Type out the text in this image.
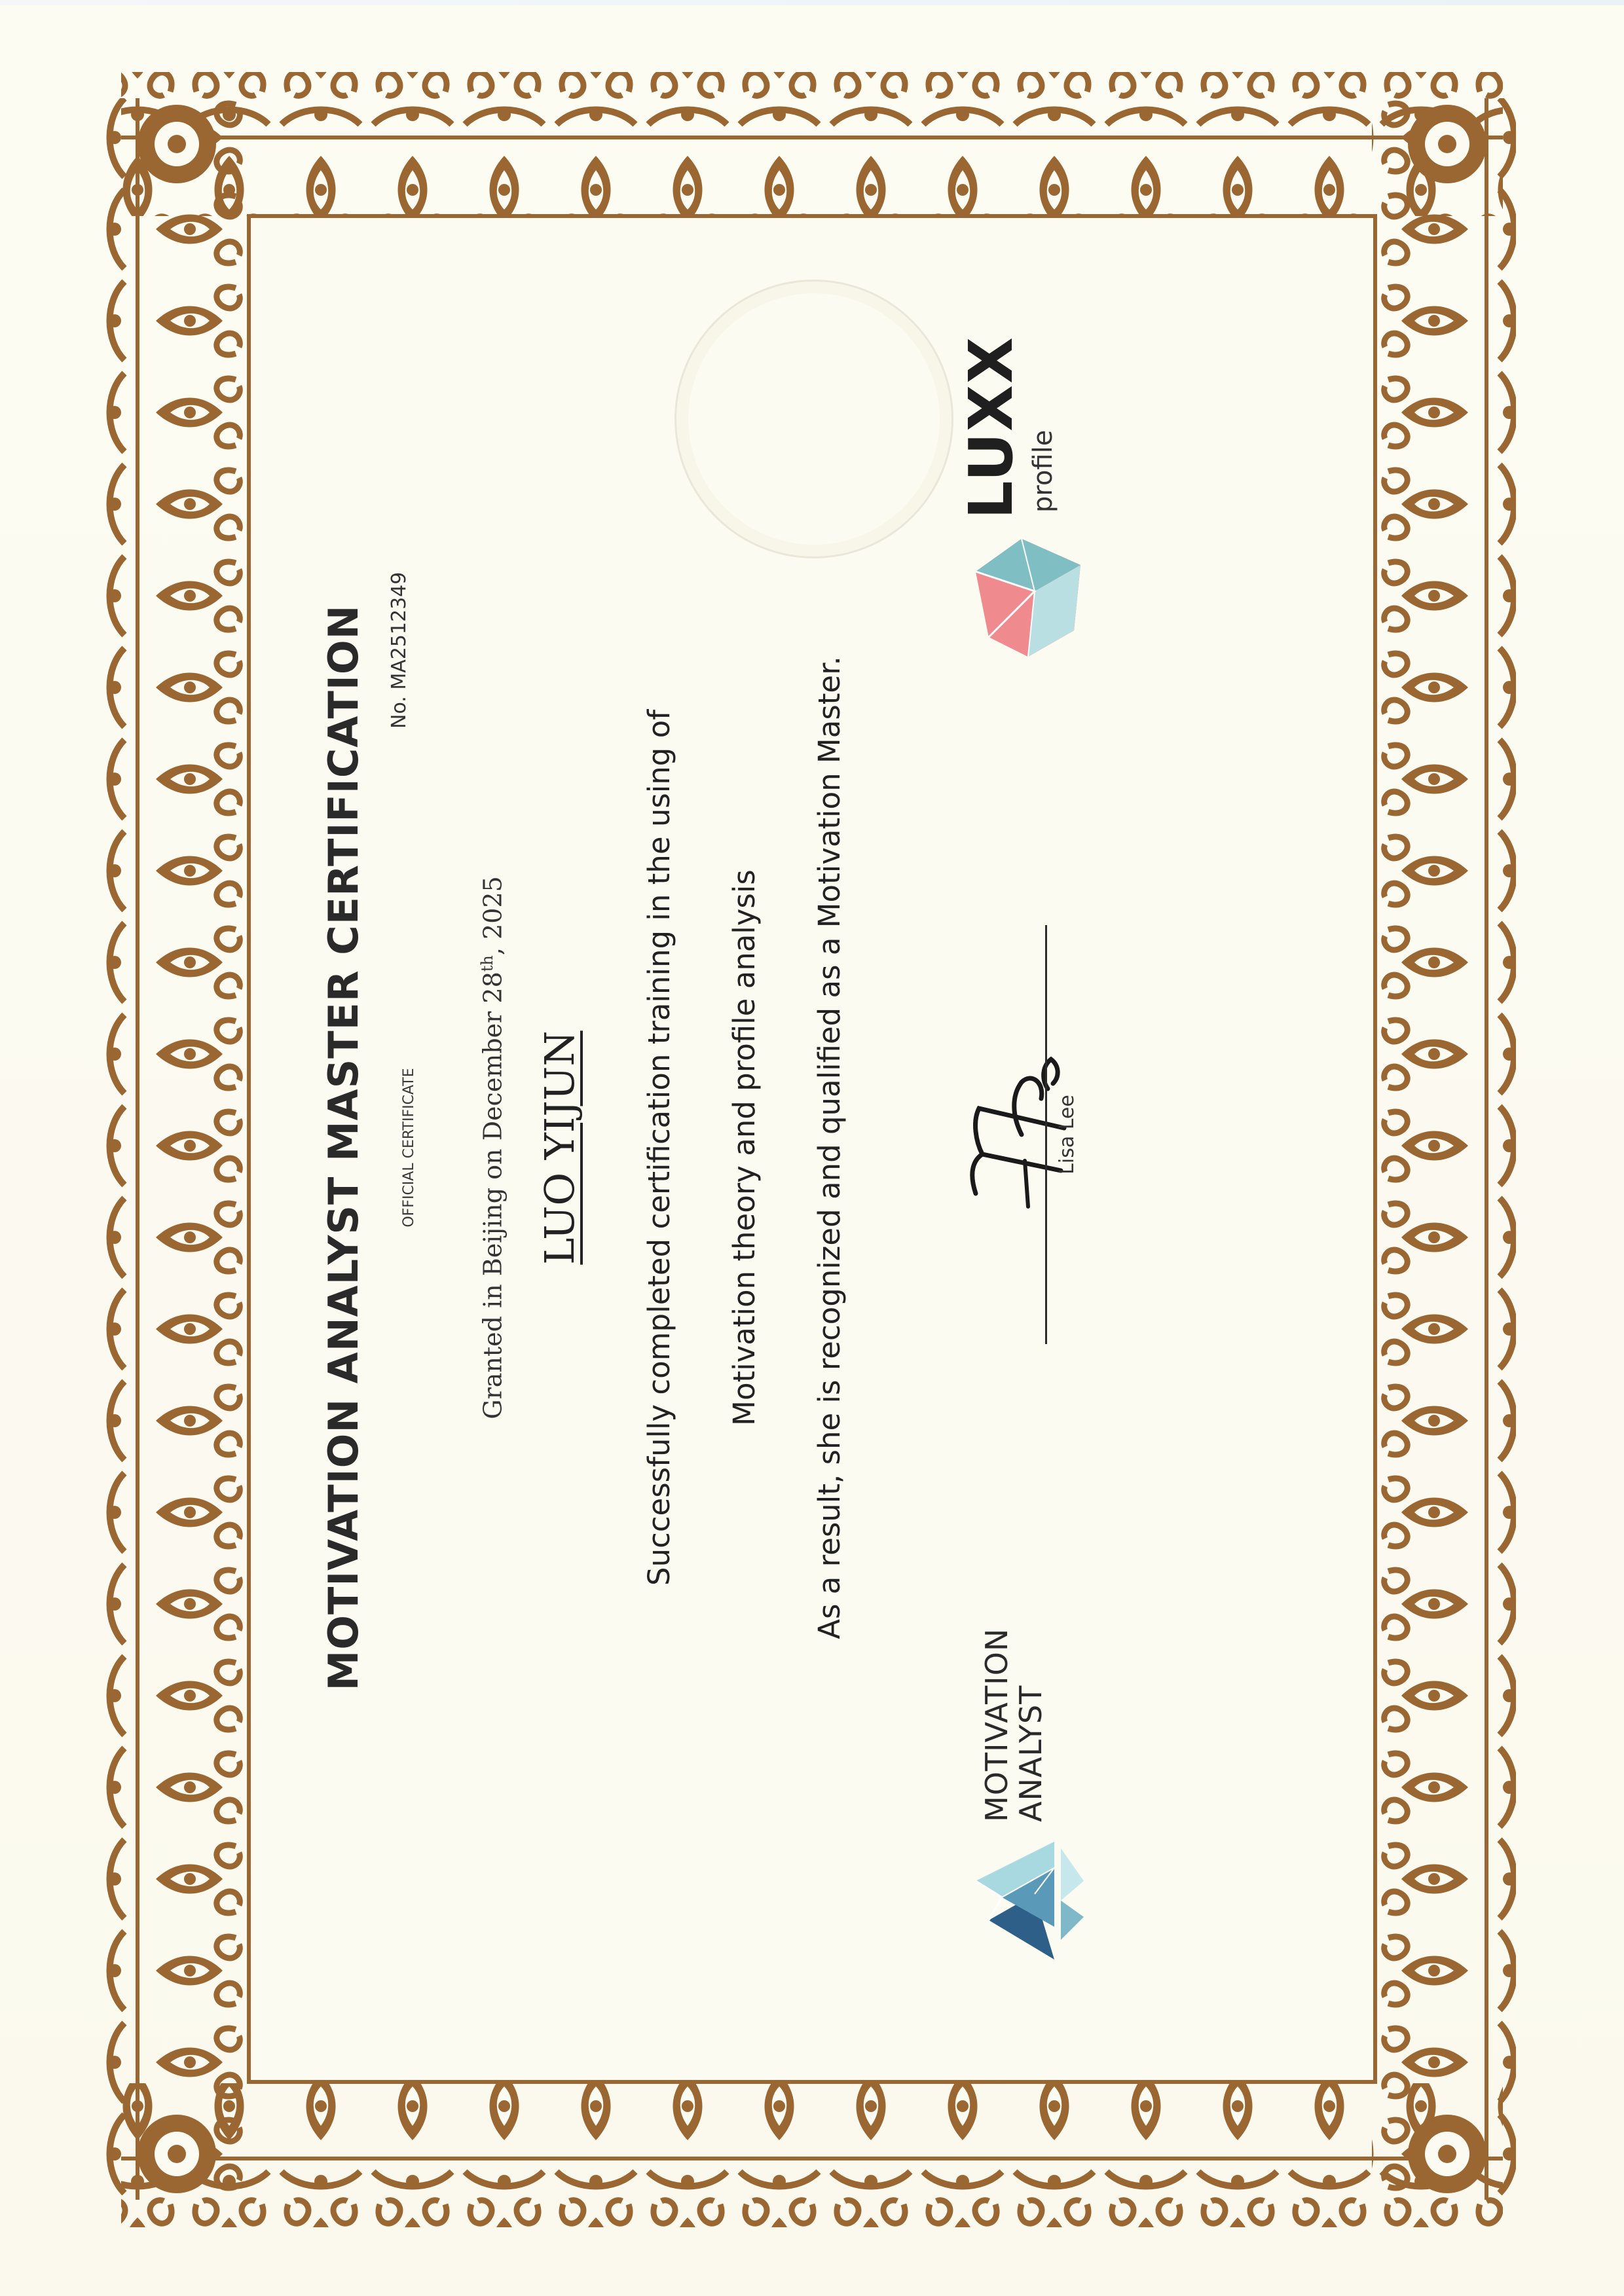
MOTIVATION ANALYST MASTER CERTIFICATION OFFICIAL CERTIFICATE
No. MA2512349
Granted in Beijing on December 28th, 2025
LUO YIJUN Successfully completed certification training in the using of Motivation theory and profile analysis As a result, she is recognized and qualified as a Motivation Master.
MOTIVATION
ANALYST
Lisa Lee
LUXX profile
